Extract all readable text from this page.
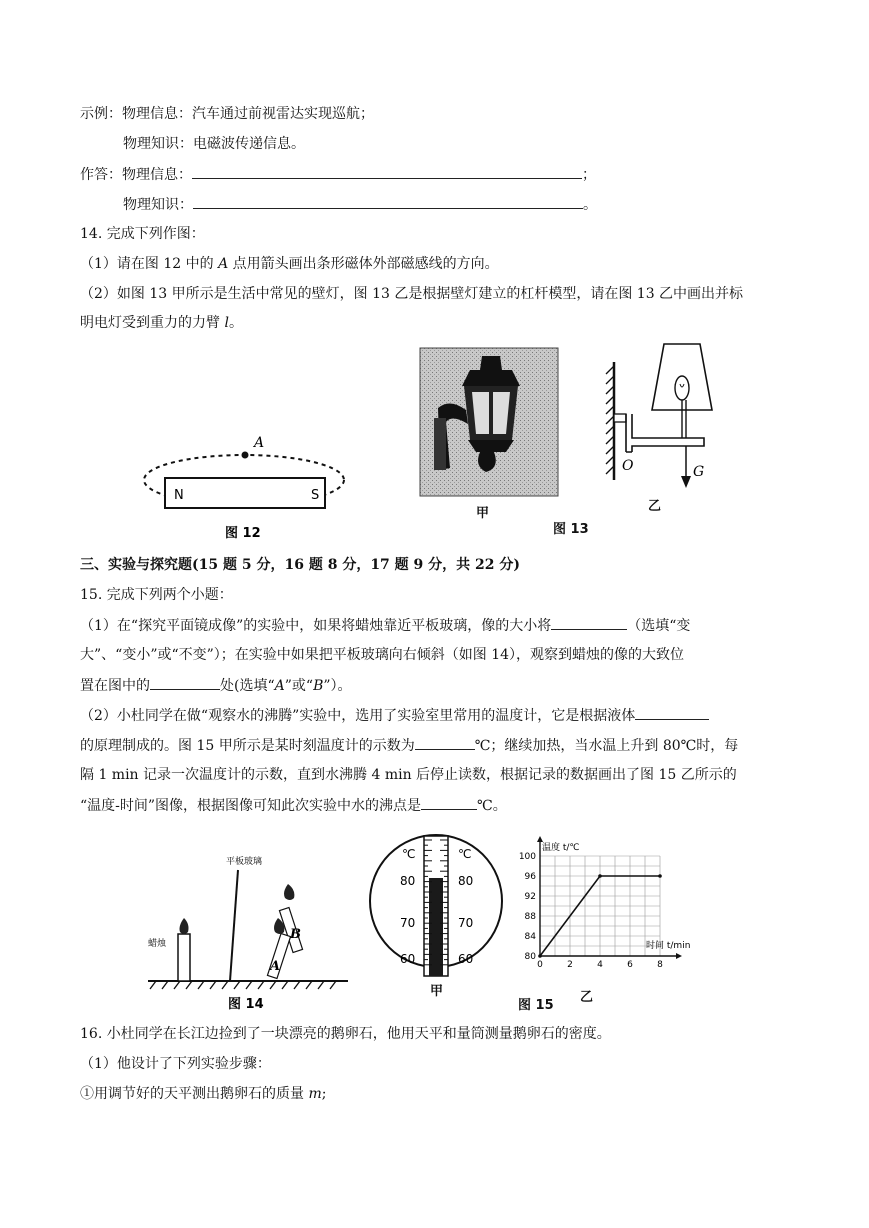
示例：物理信息：汽车通过前视雷达实现巡航；
物理知识：电磁波传递信息。
作答：物理信息：	；
物理知识：	。
14. 完成下列作图：
（1）请在图 12 中的 A 点用箭头画出条形磁体外部磁感线的方向。
（2）如图 13 甲所示是生活中常见的壁灯，图 13 乙是根据壁灯建立的杠杆模型，请在图 13 乙中画出并标
明电灯受到重力的力臂 l。
A
N	S
图 12
甲
G
O
乙
图 13
三、实验与探究题(15 题 5 分，16 题 8 分，17 题 9 分，共 22 分)
15. 完成下列两个小题：
（1）在“探究平面镜成像”的实验中，如果将蜡烛靠近平板玻璃，像的大小将	（选填“变
大”、“变小”或“不变”）；在实验中如果把平板玻璃向右倾斜（如图 14），观察到蜡烛的像的大致位
置在图中的	处(选填“A”或“B”）。
（2）小杜同学在做“观察水的沸腾”实验中，选用了实验室里常用的温度计，它是根据液体
的原理制成的。图 15 甲所示是某时刻温度计的示数为	℃；继续加热，当水温上升到 80℃时，每
隔 1 min 记录一次温度计的示数，直到水沸腾 4 min 后停止读数，根据记录的数据画出了图 15 乙所示的
“温度-时间”图像，根据图像可知此次实验中水的沸点是	℃。
平板玻璃
蜡烛
B
A
图 14
℃	℃
80
70
60
80
70
60
甲
图 15
80
84
88
92
96
100
0	2	4	6	8
温度 t/℃
时间 t/min
乙
16. 小杜同学在长江边捡到了一块漂亮的鹅卵石，他用天平和量筒测量鹅卵石的密度。
（1）他设计了下列实验步骤：
①用调节好的天平测出鹅卵石的质量 m;
